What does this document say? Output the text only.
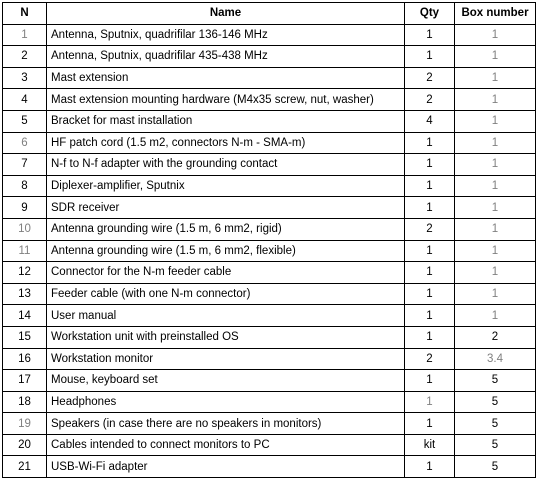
N	Name	Qty	Box number
1	Antenna, Sputnix, quadrifilar 136-146 MHz	1	1
2	Antenna, Sputnix, quadrifilar 435-438 MHz	1	1
3	Mast extension	2	1
4	Mast extension mounting hardware (M4x35 screw, nut, washer)	2	1
5	Bracket for mast installation	4	1
6	HF patch cord (1.5 m2, connectors N-m - SMA-m)	1	1
7	N-f to N-f adapter with the grounding contact	1	1
8	Diplexer-amplifier, Sputnix	1	1
9	SDR receiver	1	1
10	Antenna grounding wire (1.5 m, 6 mm2, rigid)	2	1
11	Antenna grounding wire (1.5 m, 6 mm2, flexible)	1	1
12	Connector for the N-m feeder cable	1	1
13	Feeder cable (with one N-m connector)	1	1
14	User manual	1	1
15	Workstation unit with preinstalled OS	1	2
16	Workstation monitor	2	3.4
17	Mouse, keyboard set	1	5
18	Headphones	1	5
19	Speakers (in case there are no speakers in monitors)	1	5
20	Cables intended to connect monitors to PC	kit	5
21	USB-Wi-Fi adapter	1	5
